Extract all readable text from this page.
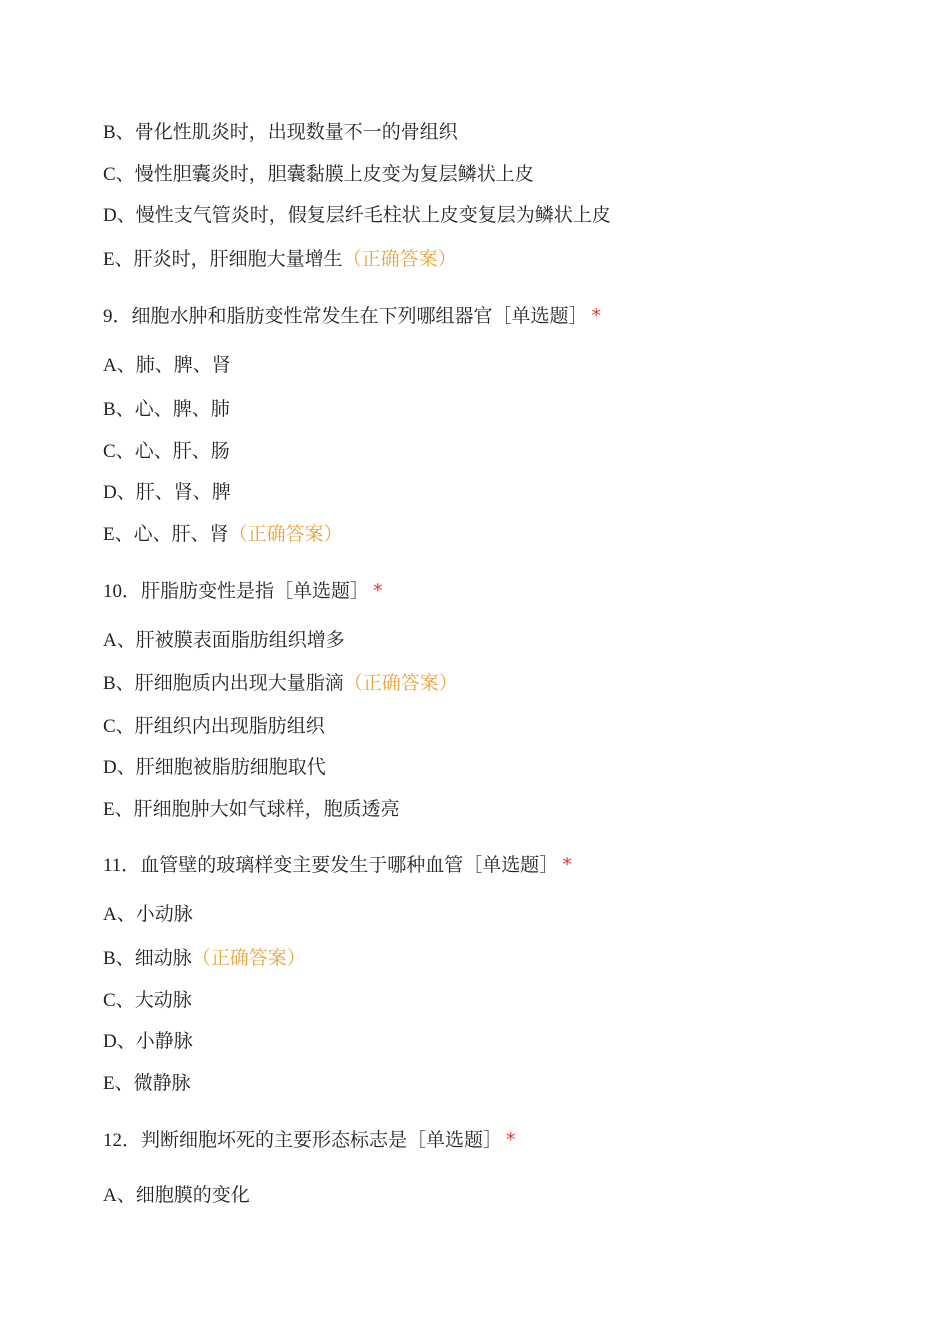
B、骨化性肌炎时，出现数量不一的骨组织
C、慢性胆囊炎时，胆囊黏膜上皮变为复层鳞状上皮
D、慢性支气管炎时，假复层纤毛柱状上皮变复层为鳞状上皮
E、肝炎时，肝细胞大量增生（正确答案）
9．细胞水肿和脂肪变性常发生在下列哪组器官［单选题］ *
A、肺、脾、肾
B、心、脾、肺
C、心、肝、肠
D、肝、肾、脾
E、心、肝、肾（正确答案）
10．肝脂肪变性是指［单选题］ *
A、肝被膜表面脂肪组织增多
B、肝细胞质内出现大量脂滴（正确答案）
C、肝组织内出现脂肪组织
D、肝细胞被脂肪细胞取代
E、肝细胞肿大如气球样，胞质透亮
11．血管壁的玻璃样变主要发生于哪种血管［单选题］ *
A、小动脉
B、细动脉（正确答案）
C、大动脉
D、小静脉
E、微静脉
12．判断细胞坏死的主要形态标志是［单选题］ *
A、细胞膜的变化
